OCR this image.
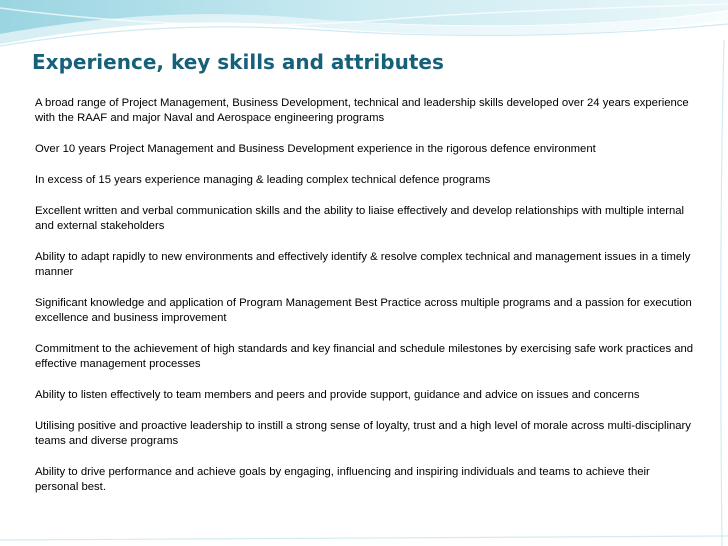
Experience, key skills and attributes
A broad range of Project Management, Business Development, technical and leadership skills developed over 24 years experience with the RAAF and major Naval and Aerospace engineering programs
Over 10 years Project Management and Business Development experience in the rigorous defence environment
In excess of 15 years experience managing & leading complex technical defence programs
Excellent written and verbal communication skills and the ability to liaise effectively and develop relationships with multiple internal and external stakeholders
Ability to adapt rapidly to new environments and effectively identify & resolve complex technical and management issues in a timely manner
Significant knowledge and application of Program Management Best Practice across multiple programs and a passion for execution excellence and business improvement
Commitment to the achievement of high standards and key financial and schedule milestones by exercising safe work practices and effective management processes
Ability to listen effectively to team members and peers and provide support, guidance and advice on issues and concerns
Utilising positive and proactive leadership to instill a strong sense of loyalty, trust and a high level of morale across multi-disciplinary teams and diverse programs
Ability to drive performance and achieve goals by engaging, influencing and inspiring individuals and teams to achieve their personal best.
